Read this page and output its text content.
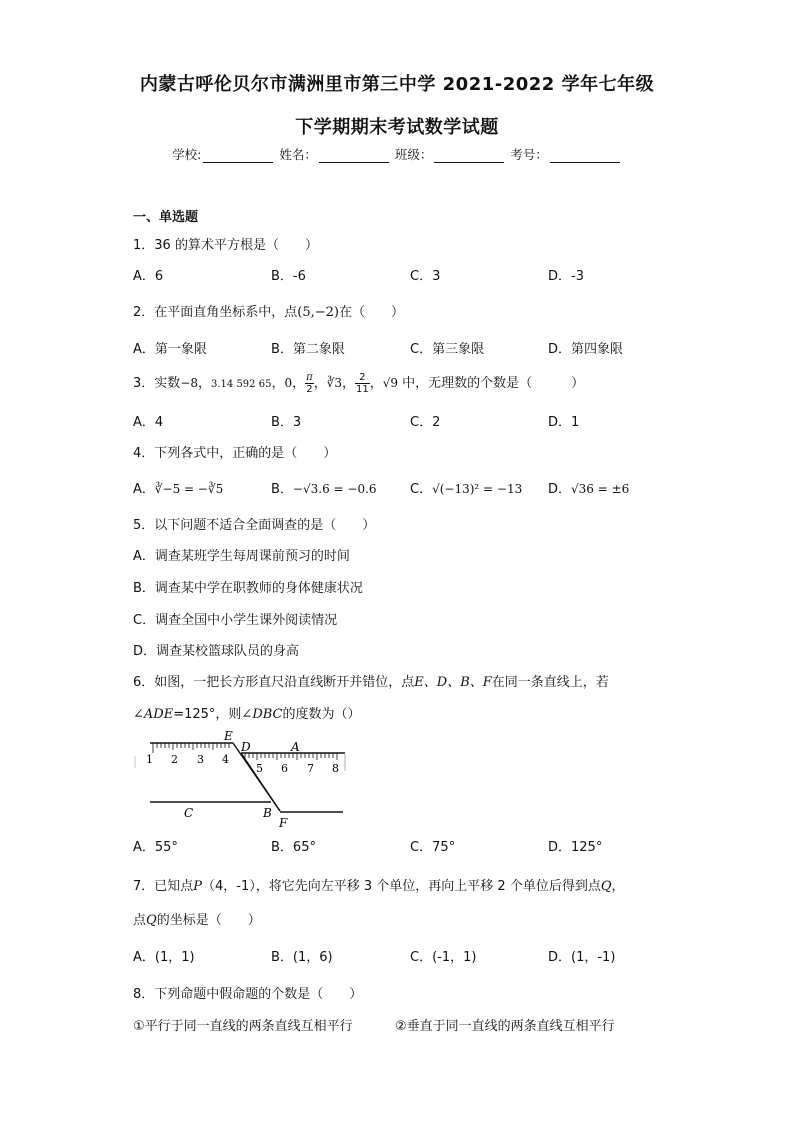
内蒙古呼伦贝尔市满洲里市第三中学 2021-2022 学年七年级
下学期期末考试数学试题
学校:	姓名：	班级：	考号：
一、单选题
1．36 的算术平方根是（　　）
A．6	B．-6	C．3	D．-3
2．在平面直角坐标系中，点(5,−2)在（　　）
A．第一象限	B．第二象限	C．第三象限	D．第四象限
3．实数−8，3.14 592 65，0， $\frac{\pi}{2}$ ，∛3， $\frac{2}{11}$ ，√9 中，无理数的个数是（　　　）
A．4	B．3	C．2	D．1
4．下列各式中，正确的是（　　）
A．∛−5 = −∛5	B．−√3.6 = −0.6	C．√(−13)² = −13 D．√36 = ±6
5．以下问题不适合全面调查的是（　　）
A．调查某班学生每周课前预习的时间
B．调查某中学在职教师的身体健康状况
C．调查全国中小学生课外阅读情况
D．调查某校篮球队员的身高
6．如图，一把长方形直尺沿直线断开并错位，点E、D、B、F在同一条直线上，若
∠ADE=125°，则∠DBC的度数为（）
1 2 3 4
5 6 7 8
E
D	A
C	B
F
A．55°	B．65°	C．75°	D．125°
7．已知点P（4，-1），将它先向左平移 3 个单位，再向上平移 2 个单位后得到点Q，
点Q的坐标是（　　）
A．(1，1)	B．(1，6)	C．(-1，1)	D．(1，-1)
8．下列命题中假命题的个数是（　　）
①平行于同一直线的两条直线互相平行	②垂直于同一直线的两条直线互相平行
